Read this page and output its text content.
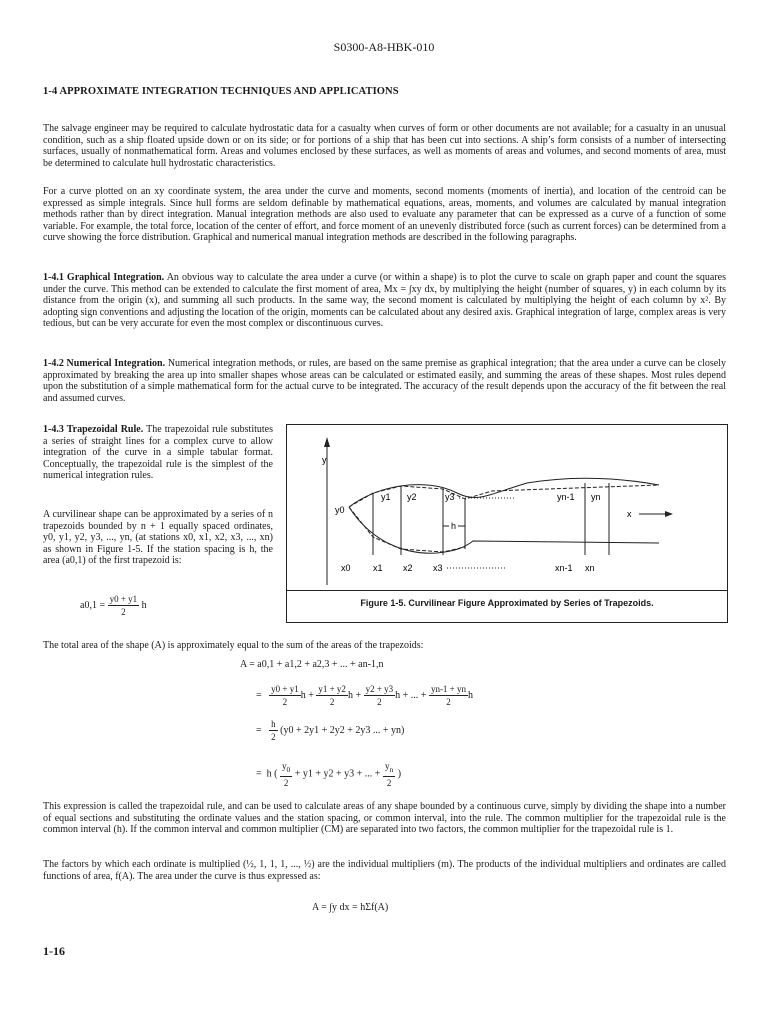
S0300-A8-HBK-010
1-4 APPROXIMATE INTEGRATION TECHNIQUES AND APPLICATIONS
The salvage engineer may be required to calculate hydrostatic data for a casualty when curves of form or other documents are not available; for a casualty in an unusual condition, such as a ship floated upside down or on its side; or for portions of a ship that has been cut into sections. A ship’s form consists of a number of intersecting surfaces, usually of nonmathematical form. Areas and volumes enclosed by these surfaces, as well as moments of areas and volumes, and second moments of area, must be determined to calculate hull hydrostatic characteristics.
For a curve plotted on an xy coordinate system, the area under the curve and moments, second moments (moments of inertia), and location of the centroid can be expressed as simple integrals. Since hull forms are seldom definable by mathematical equations, areas, moments, and volumes are calculated by manual integration methods rather than by direct integration. Manual integration methods are also used to evaluate any parameter that can be expressed as a curve of a function of some variable. For example, the total force, location of the center of effort, and force moment of an unevenly distributed force (such as current forces) can be determined from a curve showing the force distribution. Graphical and numerical manual integration methods are described in the following paragraphs.
1-4.1 Graphical Integration. An obvious way to calculate the area under a curve (or within a shape) is to plot the curve to scale on graph paper and count the squares under the curve. This method can be extended to calculate the first moment of area, Mx = ∫xy dx, by multiplying the height (number of squares, y) in each column by its distance from the origin (x), and summing all such products. In the same way, the second moment is calculated by multiplying the height of each column by x². By adopting sign conventions and adjusting the location of the origin, moments can be calculated about any desired axis. Graphical integration of large, complex areas is very tedious, but can be very accurate for even the most complex or discontinuous curves.
1-4.2 Numerical Integration. Numerical integration methods, or rules, are based on the same premise as graphical integration; that the area under a curve can be closely approximated by breaking the area up into smaller shapes whose areas can be calculated or estimated easily, and summing the areas of these shapes. Most rules depend upon the substitution of a simple mathematical form for the actual curve to be integrated. The accuracy of the result depends upon the accuracy of the fit between the real and assumed curves.
1-4.3 Trapezoidal Rule. The trapezoidal rule substitutes a series of straight lines for a complex curve to allow integration of the curve in a simple tabular format. Conceptually, the trapezoidal rule is the simplest of the numerical integration rules.
A curvilinear shape can be approximated by a series of n trapezoids bounded by n + 1 equally spaced ordinates, y0, y1, y2, y3, ..., yn, (at stations x0, x1, x2, x3, ..., xn) as shown in Figure 1-5. If the station spacing is h, the area (a0,1) of the first trapezoid is:
$a0,1 = \frac{y0 + y1}{2}$ h
y
x
y1 y2	y3	yn-1 yn
y0
h
x0 x1 x2 x3	xn-1 xn
Figure 1-5. Curvilinear Figure Approximated by Series of Trapezoids.
The total area of the shape (A) is approximately equal to the sum of the areas of the trapezoids:
A = a0,1 + a1,2 + a2,3 + ... + an-1,n
= $\frac{y0 + y1}{2}$ $h + \frac{y1 + y2}{2}$ $h + \frac{y2 + y3}{2}$ h + ... + $\frac{yn-1 + yn}{2}$ h
= $\frac{h}{2} (y0 + 2y1 + 2y2 + 2y3$ ... + yn)
=  h ( $\frac{y_0}{2} + y1 + y2 + y3$ + ... + $\frac{y_n}{2}$ )
This expression is called the trapezoidal rule, and can be used to calculate areas of any shape bounded by a continuous curve, simply by dividing the shape into a number of equal sections and substituting the ordinate values and the station spacing, or common interval, into the rule. The common multiplier for the trapezoidal rule is the common interval (h). If the common interval and common multiplier (CM) are separated into two factors, the common multiplier for the trapezoidal rule is 1.
The factors by which each ordinate is multiplied (½, 1, 1, 1, ..., ½) are the individual multipliers (m). The products of the individual multipliers and ordinates are called functions of area, f(A). The area under the curve is thus expressed as:
A = ∫y dx = hΣf(A)
1-16
